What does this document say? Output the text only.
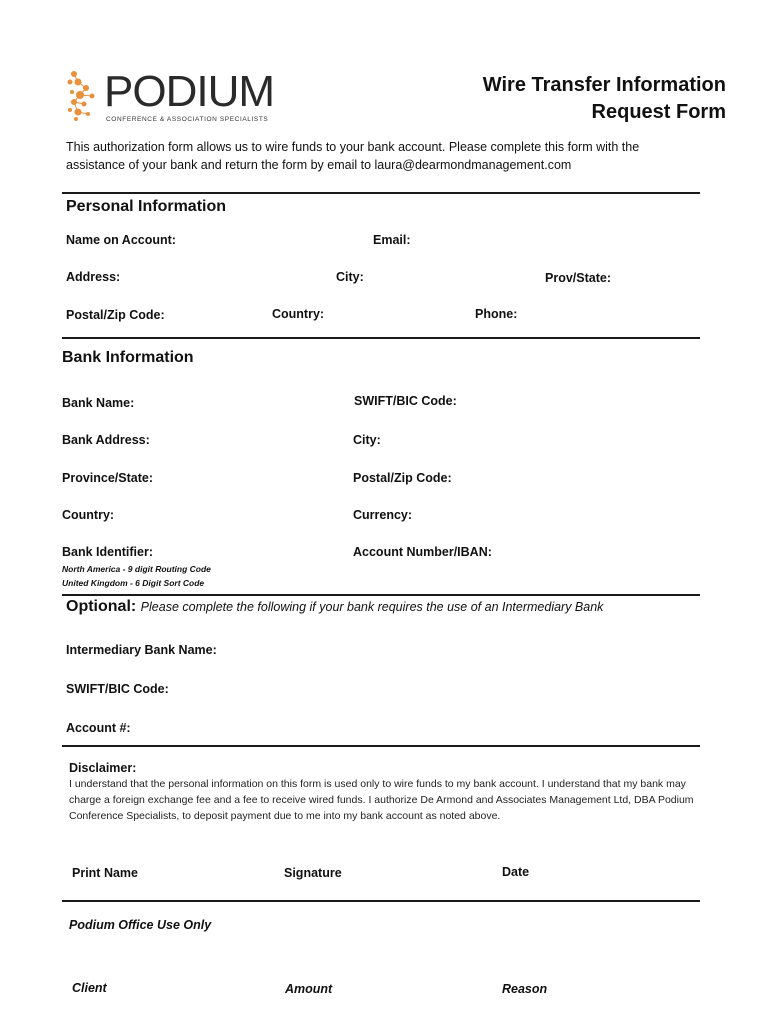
PODIUM
CONFERENCE & ASSOCIATION SPECIALISTS
Wire Transfer Information
Request Form
This authorization form allows us to wire funds to your bank account. Please complete this form with the assistance of your bank and return the form by email to laura@dearmondmanagement.com
Personal Information
Name on Account:	Email:
Address:	City:	Prov/State:
Postal/Zip Code:	Country:	Phone:
Bank Information
Bank Name:	SWIFT/BIC Code:
Bank Address:	City:
Province/State:	Postal/Zip Code:
Country:	Currency:
Bank Identifier:	Account Number/IBAN:
North America - 9 digit Routing Code
United Kingdom - 6 Digit Sort Code
Optional: Please complete the following if your bank requires the use of an Intermediary Bank
Intermediary Bank Name:
SWIFT/BIC Code:
Account #:
Disclaimer:
I understand that the personal information on this form is used only to wire funds to my bank account. I understand that my bank may charge a foreign exchange fee and a fee to receive wired funds. I authorize De Armond and Associates Management Ltd, DBA Podium Conference Specialists, to deposit payment due to me into my bank account as noted above.
Print Name	Signature	Date
Podium Office Use Only
Client	Amount	Reason
